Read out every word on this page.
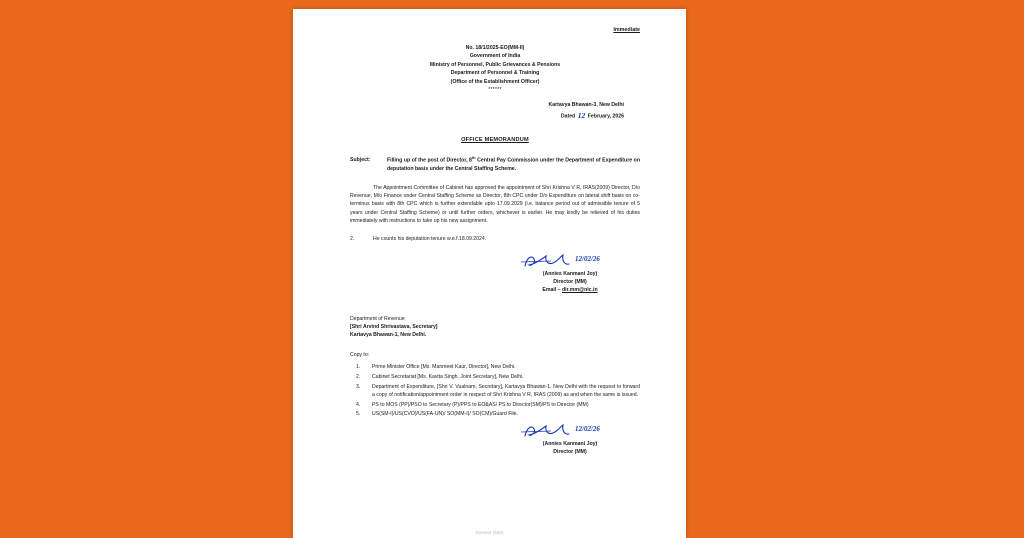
Immediate
No. 18/1/2025-EO(MM-II)
Government of India
Ministry of Personnel, Public Grievances & Pensions
Department of Personnel & Training
(Office of the Establishment Officer)
******
Kartavya Bhawan-3, New Delhi
Dated 12 February, 2026
OFFICE MEMORANDUM
Subject:	Filling up of the post of Director, 8th Central Pay Commission under the Department of Expenditure on deputation basis under the Central Staffing Scheme.
The Appointment Committee of Cabinet has approved the appointment of Shri Krishna V R, IRAS(2009) Director, D/o Revenue, M/o Finance under Central Staffing Scheme as Director, 8th CPC under D/o Expenditure on lateral shift basis on co-terminus basis with 8th CPC which is further extendable upto 17.09.2029 (i.e. balance period out of admissible tenure of 5 years under Central Staffing Scheme) or until further orders, whichever is earlier. He may kindly be relieved of his duties immediately with instructions to take up his new assignment.
2.	He counts his deputation tenure w.e.f.18.09.2024.
12/02/26
(Annies Kanmani Joy)
Director (MM)
Email – dir.mm@nic.in
Department of Revenue
[Shri Arvind Shrivastava, Secretary]
Kartavya Bhawan-1, New Delhi.
Copy to:
1.	Prime Minister Office [Ms. Manmeet Kaur, Director], New Delhi.
2.	Cabinet Secretariat [Ms. Kavita Singh, Joint Secretary], New Delhi.
3.	Department of Expenditure, [Shri V. Vualnam, Secretary], Kartavya Bhawan-1, New Delhi with the request to forward a copy of notification/appointment order in respect of Shri Krishna V R, IRAS (2009) as and when the same is issued.
4.	PS to MOS (PP)/PSO to Secretary (P)/PPS to EO&AS/ PS to Director(SM)/PS to Director (MM)
5.	US(SM-I)/US(CVO)/US(FA-UN)/ SO(MM-I)/ SO(CM)/Guard File.
12/02/26
(Annies Kanmani Joy)
Director (MM)
Director (MM)
